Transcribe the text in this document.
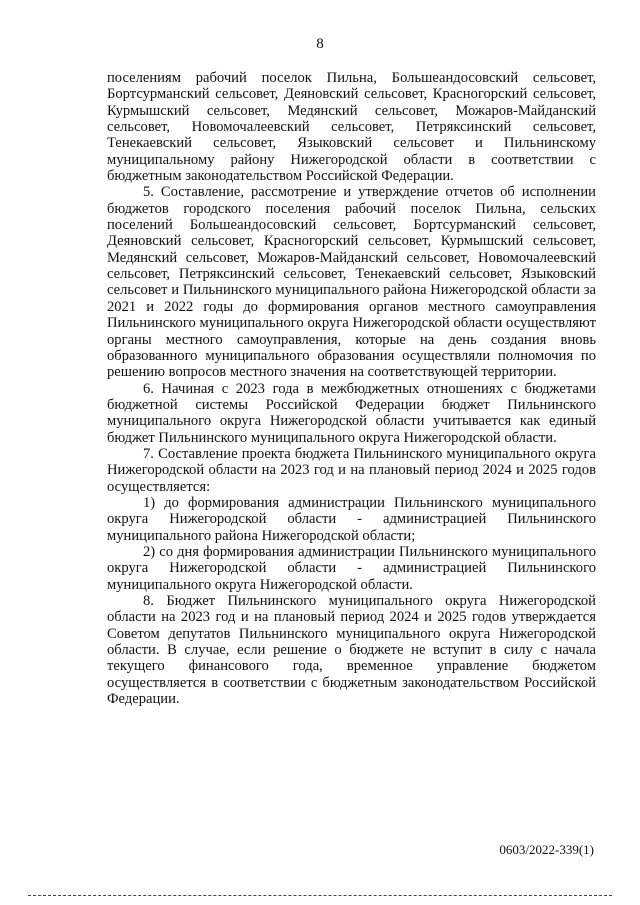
8

поселениям рабочий поселок Пильна, Большеандосовский сельсовет, Бортсурманский сельсовет, Деяновский сельсовет, Красногорский сельсовет, Курмышский сельсовет, Медянский сельсовет, Можаров-Майданский сельсовет, Новомочалеевский сельсовет, Петряксинский сельсовет, Тенекаевский сельсовет, Языковский сельсовет и Пильнинскому муниципальному району Нижегородской области в соответствии с бюджетным законодательством Российской Федерации.

5. Составление, рассмотрение и утверждение отчетов об исполнении бюджетов городского поселения рабочий поселок Пильна, сельских поселений Большеандосовский сельсовет, Бортсурманский сельсовет, Деяновский сельсовет, Красногорский сельсовет, Курмышский сельсовет, Медянский сельсовет, Можаров-Майданский сельсовет, Новомочалеевский сельсовет, Петряксинский сельсовет, Тенекаевский сельсовет, Языковский сельсовет и Пильнинского муниципального района Нижегородской области за 2021 и 2022 годы до формирования органов местного самоуправления Пильнинского муниципального округа Нижегородской области осуществляют органы местного самоуправления, которые на день создания вновь образованного муниципального образования осуществляли полномочия по решению вопросов местного значения на соответствующей территории.

6. Начиная с 2023 года в межбюджетных отношениях с бюджетами бюджетной системы Российской Федерации бюджет Пильнинского муниципального округа Нижегородской области учитывается как единый бюджет Пильнинского муниципального округа Нижегородской области.

7. Составление проекта бюджета Пильнинского муниципального округа Нижегородской области на 2023 год и на плановый период 2024 и 2025 годов осуществляется:

1) до формирования администрации Пильнинского муниципального округа Нижегородской области - администрацией Пильнинского муниципального района Нижегородской области;

2) со дня формирования администрации Пильнинского муниципального округа Нижегородской области - администрацией Пильнинского муниципального округа Нижегородской области.

8. Бюджет Пильнинского муниципального округа Нижегородской области на 2023 год и на плановый период 2024 и 2025 годов утверждается Советом депутатов Пильнинского муниципального округа Нижегородской области. В случае, если решение о бюджете не вступит в силу с начала текущего финансового года, временное управление бюджетом осуществляется в соответствии с бюджетным законодательством Российской Федерации.

0603/2022-339(1)
